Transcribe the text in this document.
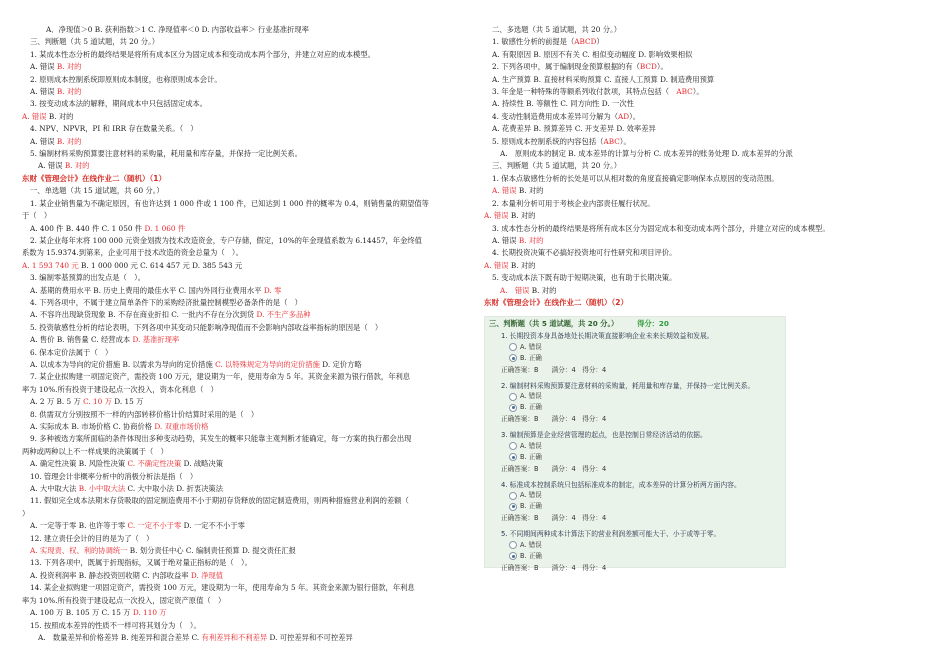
A．净现值＞0 B. 获利指数＞1 C. 净现值率＜0 D. 内部收益率＞ 行业基准折现率
三、判断题（共 5 道试题，共 20 分。）
1. 某成本性态分析的最终结果是将所有成本区分为固定成本和变动成本两个部分，并建立对应的成本模型。
A. 错误 B. 对的
2. 原则成本控制系统即原则成本制度，也称原则成本会计。
A. 错误 B. 对的
3. 按变动成本法的解释，期间成本中只包括固定成本。
A. 错误 B. 对的
4. NPV、NPVR，PI 和 IRR 存在数量关系。（　）
A. 错误 B. 对的
5. 编制材料采购预算要注意材料的采购量，耗用量和库存量，并保持一定比例关系。
A. 错误 B. 对的
东财《管理会计》在线作业二（随机）（1）
一、单选题（共 15 道试题，共 60 分。）
1. 某企业销售量为不确定原因，有也许达到 1 000 件或 1 100 件，已知达到 1 000 件的概率为 0.4，则销售量的期望值等
于（　）
A. 400 件 B. 440 件 C. 1 050 件 D. 1 060 件
2. 某企业每年末将 100 000 元资金划拨为技术改造资金，专户存储，假定，10%的年金现值系数为 6.14457，年金终值
系数为 15.9374.到第来，企业可用于技术改造的资金总量为（　）。
A. 1 593 740 元 B. 1 000 000 元 C. 614 457 元 D. 385 543 元
3. 编制零基预算的出发点是（　）。
A. 基期的费用水平 B. 历史上费用的最佳水平 C. 国内外同行业费用水平 D. 零
4. 下列各项中，不属于建立简单条件下的采购经济批量控制模型必备条件的是（　）
A. 不容许出现缺货现象 B. 不存在商业折扣 C. 一批内不存在分次到货 D. 不生产多品种
5. 投资敏感性分析的结论表明，下列各项中其变动只能影响净现值而不会影响内部收益率指标的原因是（　）
A. 售价 B. 销售量 C. 经营成本 D. 基准折现率
6. 保本定价法属于（　）
A. 以成本为导向的定价措施 B. 以需求为导向的定价措施 C. 以特殊规定为导向的定价措施 D. 定价方略
7. 某企业拟购建一项固定资产，需投资 100 万元，建设期为一年，使用寿命为 5 年。其资金来源为银行借款，年利息
率为 10%.所有投资于建设起点一次投入，资本化利息（　）
A. 2 万 B. 5 万 C. 10 万 D. 15 万
8. 供需双方分别按照不一样的内部转移价格计价结算时采用的是（　）
A. 实际成本 B. 市场价格 C. 协商价格 D. 双重市场价格
9. 多种被选方案所面临的条件体现出多种变动趋势，其发生的概率只能靠主观判断才能确定，每一方案的执行都会出现
两种或两种以上不一样成果的决策属于（　）
A. 确定性决策 B. 风险性决策 C. 不确定性决策 D. 战略决策
10. 管理会计非概率分析中的消极分析法是指（　）
A. 大中取大法 B. 小中取大法 C. 大中取小法 D. 折衷决策法
11. 假如完全成本法期末存货吸取的固定制造费用不小于期初存货释放的固定制造费用，则两种措施营业利润的差额（
）
A. 一定等于零 B. 也许等于零 C. 一定不小于零 D. 一定不不小于零
12. 建立责任会计的目的是为了（　）
A. 实现责、权、利的协调统一 B. 划分责任中心 C. 编制责任预算 D. 提交责任汇报
13. 下列各项中，既属于折现指标，又属于绝对量正指标的是（　）。
A. 投资利润率 B. 静态投资回收期 C. 内部收益率 D. 净现值
14. 某企业拟购建一项固定资产，需投资 100 万元，建设期为一年，使用寿命为 5 年。其资金来源为银行借款，年利息
率为 10%.所有投资于建设起点一次投入，固定资产原值（　）
A. 100 万 B. 105 万 C. 15 万 D. 110 万
15. 按照成本差异的性质不一样可将其划分为（　）。
A.　数量差异和价格差异 B. 纯差异和混合差异 C. 有利差异和不利差异 D. 可控差异和不可控差异
二、多选题（共 5 道试题，共 20 分。）
1. 敏感性分析的前提是（ABCD）
A. 有限原因 B. 原因不有关 C. 相似变动幅度 D. 影响效果相似
2. 下列各项中，属于编制现金预算根据的有（BCD）。
A. 生产预算 B. 直接材料采购预算 C. 直接人工预算 D. 制造费用预算
3. 年金是一种特殊的等额系列收付款项，其特点包括（　ABC）。
A. 持续性 B. 等额性 C. 同方向性 D. 一次性
4. 变动性制造费用成本差异可分解为（AD）。
A. 花费差异 B. 预算差异 C. 开支差异 D. 效率差异
5. 原则成本控制系统的内容包括（ABC）。
A.　原则成本的制定 B. 成本差异的计算与分析 C. 成本差异的账务处理 D. 成本差异的分派
三、判断题（共 5 道试题，共 20 分。）
1. 保本点敏感性分析的长处是可以从相对数的角度直接确定影响保本点原因的变动范围。
A. 错误 B. 对的
2. 本量利分析可用于考核企业内部责任履行状况。
A. 错误 B. 对的
3. 成本性态分析的最终结果是将所有成本区分为固定成本和变动成本两个部分，并建立对应的成本模型。
A. 错误 B. 对的
4. 长期投资决策不必搞好投资地可行性研究和项目评价。
A. 错误 B. 对的
5. 变动成本法下既有助于短期决策，也有助于长期决策。
A.　错误 B. 对的
东财《管理会计》在线作业二（随机）（2）
三、判断题（共 5 道试题，共 20 分。）	得分：20
1. 长期投资本身具备地处长期决策直接影响企业未来长期效益和发展。
A. 错误
B. 正确
正确答案：B　　满分：4　得分：4
2. 编制材料采购预算要注意材料的采购量，耗用量和库存量，并保持一定比例关系。
A. 错误
B. 正确
正确答案：B　　满分：4　得分：4
3. 编制预算是企业经营管理的起点，也是控制日常经济活动的依据。
A. 错误
B. 正确
正确答案：B　　满分：4　得分：4
4. 标准成本控制系统只包括标准成本的制定，成本差异的计算分析两方面内容。
A. 错误
B. 正确
正确答案：B　　满分：4　得分：4
5. 不同期间两种成本计算法下的营业利润差额可能大于、小于或等于零。
A. 错误
B. 正确
正确答案：B　　满分：4　得分：4
